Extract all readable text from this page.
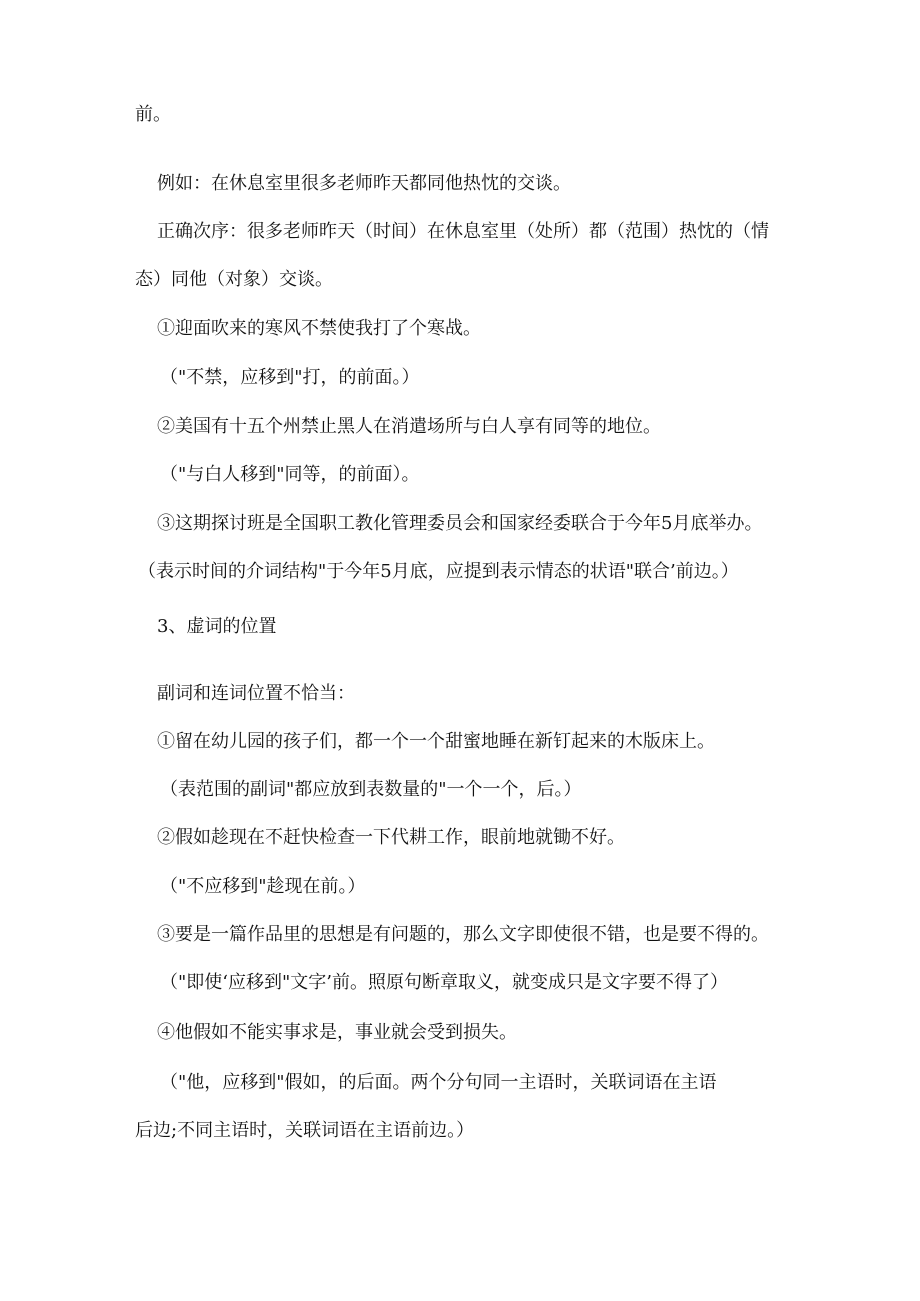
前。
例如：在休息室里很多老师昨天都同他热忱的交谈。
正确次序：很多老师昨天（时间）在休息室里（处所）都（范围）热忱的（情
态）同他（对象）交谈。
①迎面吹来的寒风不禁使我打了个寒战。
（"不禁，应移到"打，的前面。）
②美国有十五个州禁止黑人在消遣场所与白人享有同等的地位。
（"与白人移到"同等，的前面）。
③这期探讨班是全国职工教化管理委员会和国家经委联合于今年5月底举办。
（表示时间的介词结构"于今年5月底，应提到表示情态的状语"联合’前边。）
3、虚词的位置
副词和连词位置不恰当：
①留在幼儿园的孩子们，都一个一个甜蜜地睡在新钉起来的木版床上。
（表范围的副词"都应放到表数量的"一个一个，后。）
②假如趁现在不赶快检查一下代耕工作，眼前地就锄不好。
（"不应移到"趁现在前。）
③要是一篇作品里的思想是有问题的，那么文字即使很不错，也是要不得的。
（"即使‘应移到"文字’前。照原句断章取义，就变成只是文字要不得了）
④他假如不能实事求是，事业就会受到损失。
（"他，应移到"假如，的后面。两个分句同一主语时，关联词语在主语
后边;不同主语时，关联词语在主语前边。）
